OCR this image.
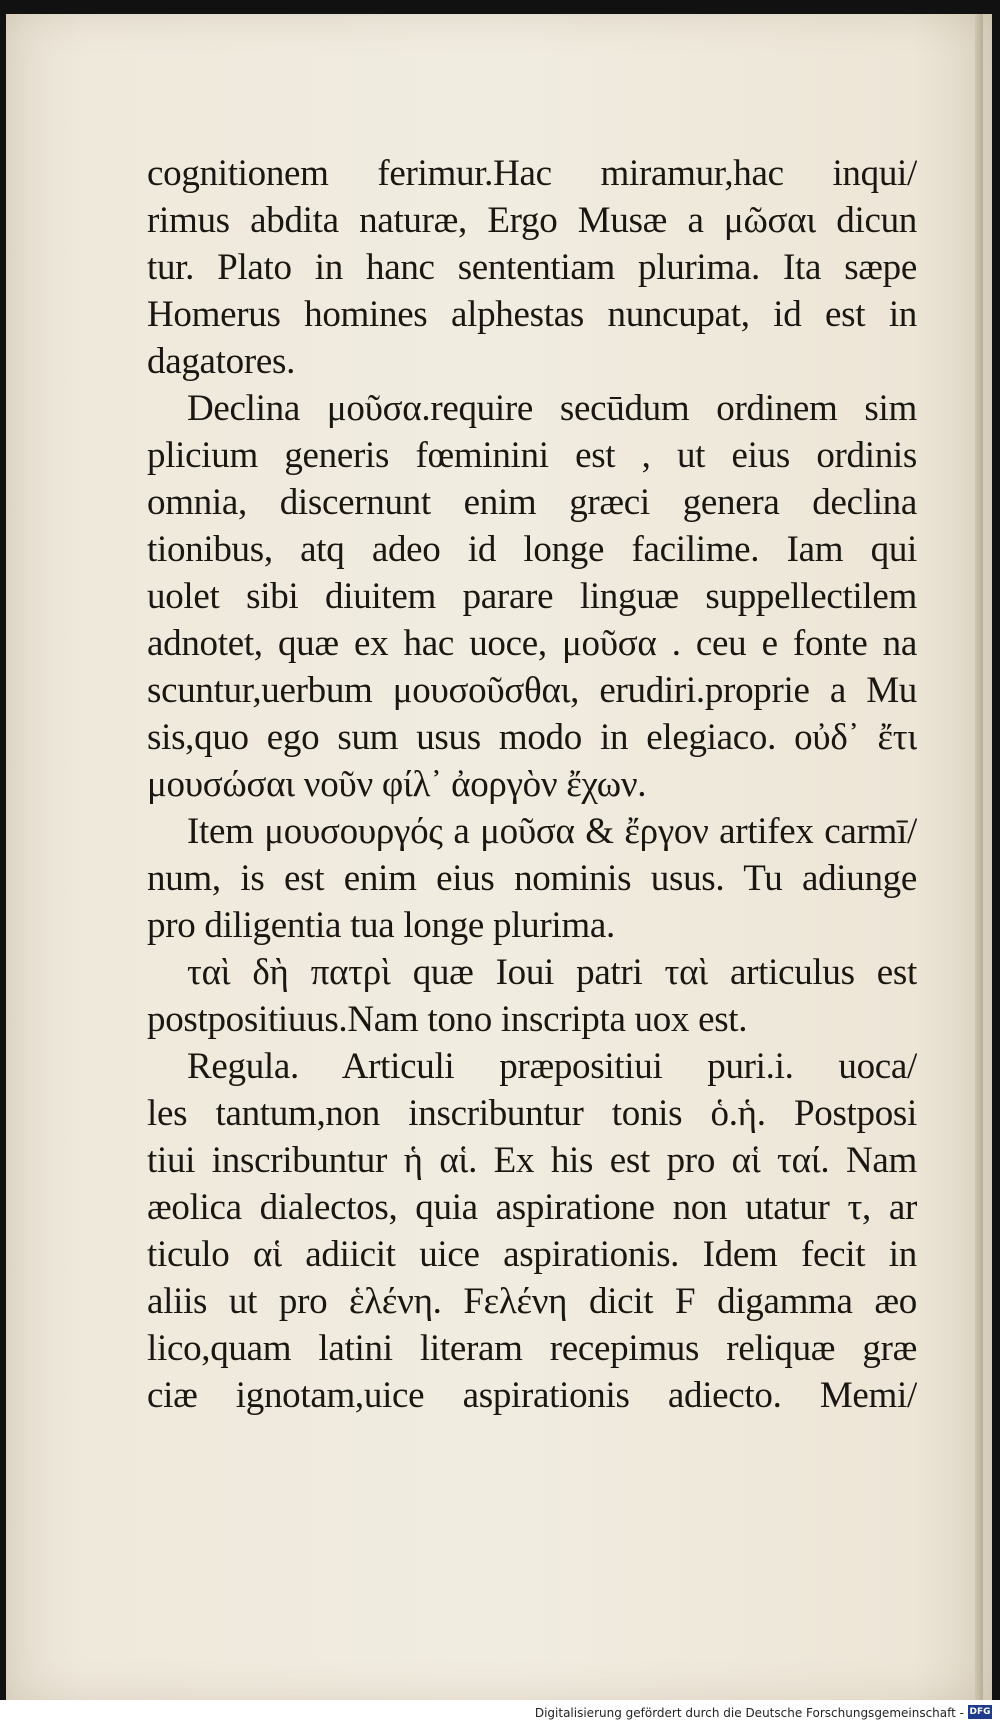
cognitionem ferimur.Hac miramur,hac inqui/
rimus abdita naturæ, Ergo Musæ a μῶσαι dicun
tur. Plato in hanc sententiam plurima. Ita sæpe
Homerus homines alphestas nuncupat, id est in
dagatores.
Declina μοῦσα.require secūdum ordinem sim
plicium generis fœminini est , ut eius ordinis
omnia, discernunt enim græci genera declina
tionibus, atq adeo id longe facilime. Iam qui
uolet sibi diuitem parare linguæ suppellectilem
adnotet, quæ ex hac uoce, μοῦσα . ceu e fonte na
scuntur,uerbum μουσοῦσθαι, erudiri.proprie a Mu
sis,quo ego sum usus modo in elegiaco. οὐδ᾽ ἔτι
μουσώσαι νοῦν φίλ᾽ ἀοργὸν ἔχων.
Item μουσουργός a μοῦσα & ἔργον artifex carmī/
num, is est enim eius nominis usus. Tu adiunge
pro diligentia tua longe plurima.
ταὶ δὴ πατρὶ quæ Ioui patri ταὶ articulus est
postpositiuus.Nam tono inscripta uox est.
Regula. Articuli præpositiui puri.i. uoca/
les tantum,non inscribuntur tonis ὁ.ἡ. Postposi
tiui inscribuntur ἡ αἱ. Ex his est pro αἱ ταί. Nam
æolica dialectos, quia aspiratione non utatur τ, ar
ticulo αἱ adiicit uice aspirationis. Idem fecit in
aliis ut pro ἑλένη. Fελένη dicit F digamma æo
lico,quam latini literam recepimus reliquæ græ
ciæ ignotam,uice aspirationis adiecto. Memi/
Digitalisierung gefördert durch die Deutsche Forschungsgemeinschaft - DFG
